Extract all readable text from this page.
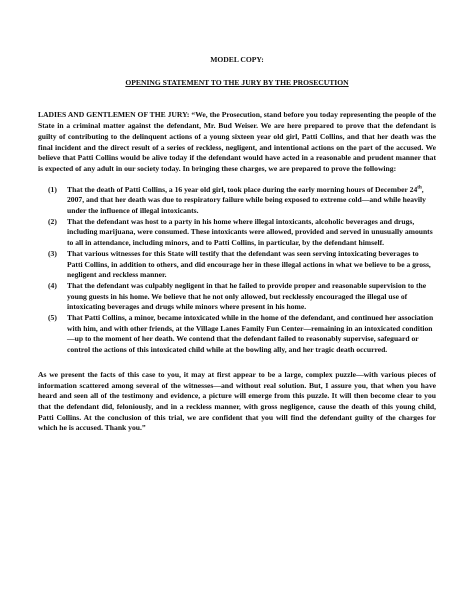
MODEL COPY:

OPENING STATEMENT TO THE JURY BY THE PROSECUTION

LADIES AND GENTLEMEN OF THE JURY: “We, the Prosecution, stand before you today representing the people of the State in a criminal matter against the defendant, Mr. Bud Weiser. We are here prepared to prove that the defendant is guilty of contributing to the delinquent actions of a young sixteen year old girl, Patti Collins, and that her death was the final incident and the direct result of a series of reckless, negligent, and intentional actions on the part of the accused. We believe that Patti Collins would be alive today if the defendant would have acted in a reasonable and prudent manner that is expected of any adult in our society today. In bringing these charges, we are prepared to prove the following:

(1)	That the death of Patti Collins, a 16 year old girl, took place during the early morning hours of December 24th, 2007, and that her death was due to respiratory failure while being exposed to extreme cold—and while heavily under the influence of illegal intoxicants.
(2)	That the defendant was host to a party in his home where illegal intoxicants, alcoholic beverages and drugs, including marijuana, were consumed. These intoxicants were allowed, provided and served in unusually amounts to all in attendance, including minors, and to Patti Collins, in particular, by the defendant himself.
(3)	That various witnesses for this State will testify that the defendant was seen serving intoxicating beverages to Patti Collins, in addition to others, and did encourage her in these illegal actions in what we believe to be a gross, negligent and reckless manner.
(4)	That the defendant was culpably negligent in that he failed to provide proper and reasonable supervision to the young guests in his home. We believe that he not only allowed, but recklessly encouraged the illegal use of intoxicating beverages and drugs while minors where present in his home.
(5)	That Patti Collins, a minor, became intoxicated while in the home of the defendant, and continued her association with him, and with other friends, at the Village Lanes Family Fun Center—remaining in an intoxicated condition—up to the moment of her death. We contend that the defendant failed to reasonably supervise, safeguard or control the actions of this intoxicated child while at the bowling ally, and her tragic death occurred.

As we present the facts of this case to you, it may at first appear to be a large, complex puzzle—with various pieces of information scattered among several of the witnesses—and without real solution. But, I assure you, that when you have heard and seen all of the testimony and evidence, a picture will emerge from this puzzle. It will then become clear to you that the defendant did, feloniously, and in a reckless manner, with gross negligence, cause the death of this young child, Patti Collins. At the conclusion of this trial, we are confident that you will find the defendant guilty of the charges for which he is accused. Thank you.”
